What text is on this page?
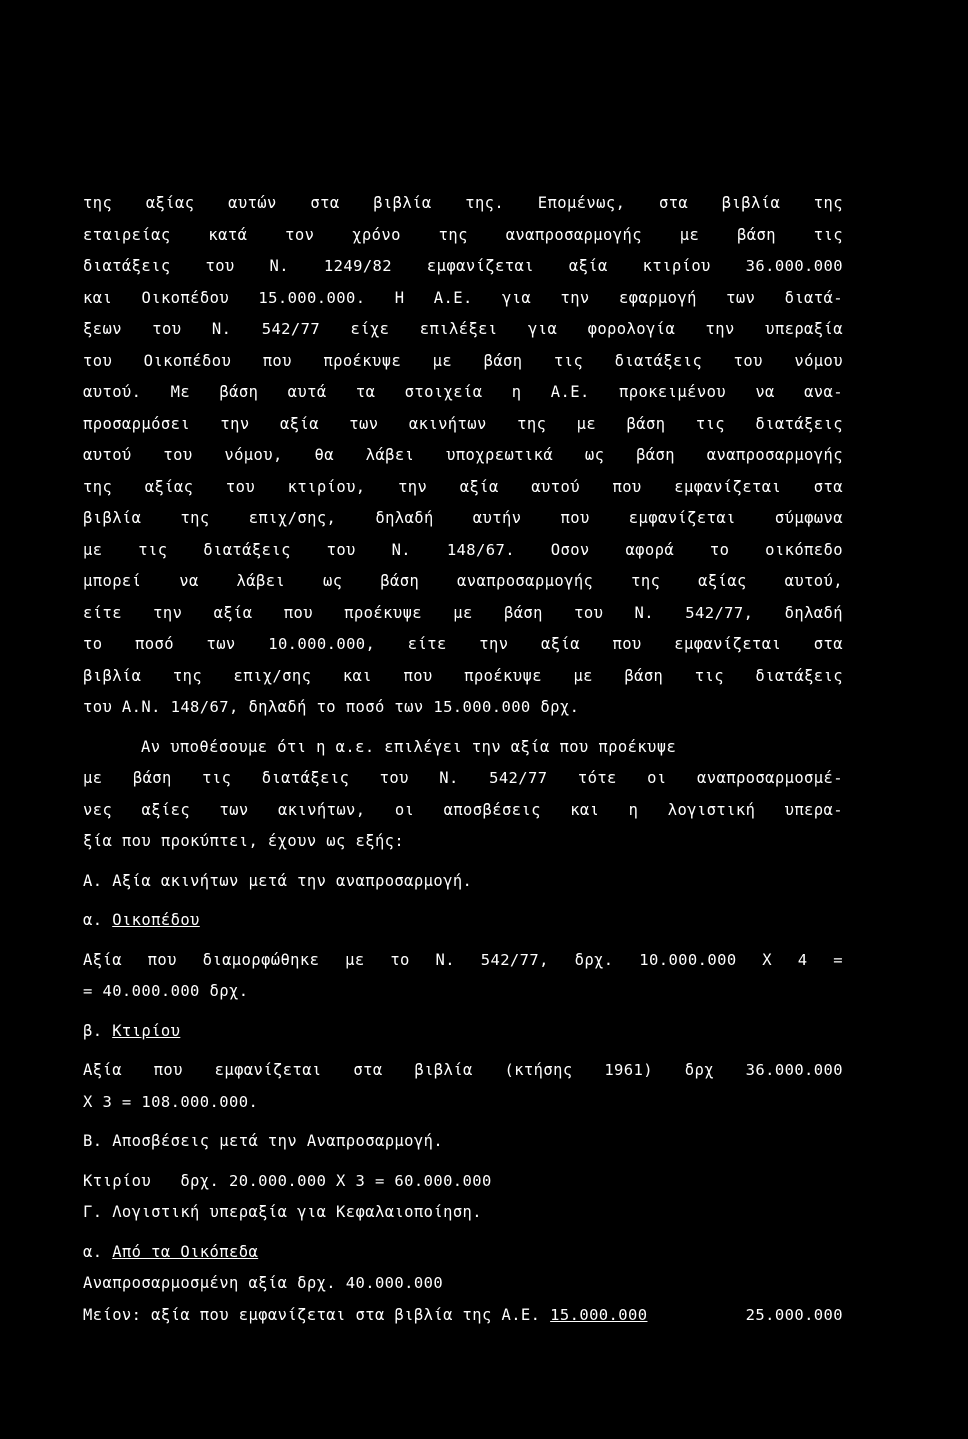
της αξίας αυτών στα βιβλία της. Επομένως, στα βιβλία της
εταιρείας κατά τον χρόνο της αναπροσαρμογής με βάση τις
διατάξεις του Ν. 1249/82 εμφανίζεται αξία κτιρίου 36.000.000
και Οικοπέδου 15.000.000. Η Α.Ε. για την εφαρμογή των διατά-
ξεων του Ν. 542/77 είχε επιλέξει για φορολογία την υπεραξία
του Οικοπέδου που προέκυψε με βάση τις διατάξεις του νόμου
αυτού. Με βάση αυτά τα στοιχεία η Α.Ε. προκειμένου να ανα-
προσαρμόσει την αξία των ακινήτων της με βάση τις διατάξεις
αυτού του νόμου, θα λάβει υποχρεωτικά ως βάση αναπροσαρμογής
της αξίας του κτιρίου, την αξία αυτού που εμφανίζεται στα
βιβλία της επιχ/σης, δηλαδή αυτήν που εμφανίζεται σύμφωνα
με τις διατάξεις του Ν. 148/67. Οσον αφορά το οικόπεδο
μπορεί να λάβει ως βάση αναπροσαρμογής της αξίας αυτού,
είτε την αξία που προέκυψε με βάση του Ν. 542/77, δηλαδή
το ποσό των 10.000.000, είτε την αξία που εμφανίζεται στα
βιβλία της επιχ/σης και που προέκυψε με βάση τις διατάξεις
του Α.Ν. 148/67, δηλαδή το ποσό των 15.000.000 δρχ.
Αν υποθέσουμε ότι η α.ε. επιλέγει την αξία που προέκυψε
με βάση τις διατάξεις του Ν. 542/77 τότε οι αναπροσαρμοσμέ-
νες αξίες των ακινήτων, οι αποσβέσεις και η λογιστική υπερα-
ξία που προκύπτει, έχουν ως εξής:
Α. Αξία ακινήτων μετά την αναπροσαρμογή.
α. Οικοπέδου
Αξία που διαμορφώθηκε με το Ν. 542/77, δρχ. 10.000.000 Χ 4 =
= 40.000.000 δρχ.
β. Κτιρίου
Αξία που εμφανίζεται στα βιβλία (κτήσης 1961) δρχ 36.000.000
Χ 3 = 108.000.000.
Β. Αποσβέσεις μετά την Αναπροσαρμογή.
Κτιρίου   δρχ. 20.000.000 Χ 3 = 60.000.000
Γ. Λογιστική υπεραξία για Κεφαλαιοποίηση.
α. Από τα Οικόπεδα
Αναπροσαρμοσμένη αξία δρχ. 40.000.000
Μείον: αξία που εμφανίζεται στα βιβλία της Α.Ε. 15.000.000	25.000.000
